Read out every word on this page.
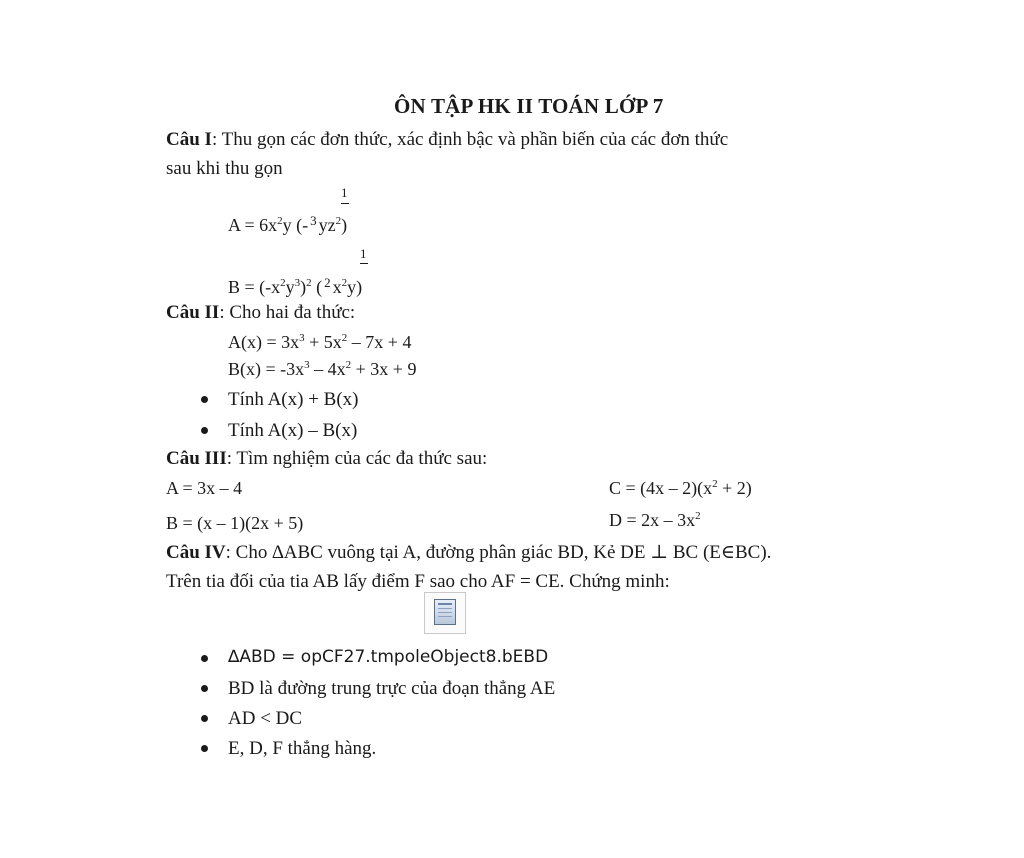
ÔN TẬP HK II TOÁN LỚP 7
Câu I: Thu gọn các đơn thức, xác định bậc và phần biến của các đơn thức
sau khi thu gọn
1
$A = 6x^2y$ (- $^3$ $yz^2$)
1
$B = (-x^2y^3)^2$ ( $^2$ $x^2y$)
Câu II: Cho hai đa thức:
$A(x) = 3x^3 + 5x^2 - 7x + 4$
$B(x) = -3x^3 - 4x^2 + 3x + 9$
Tính A(x) + B(x)
Tính A(x) – B(x)
Câu III: Tìm nghiệm của các đa thức sau:
A = 3x – 4	$C = (4x - 2)(x^2 + 2)$
B = (x – 1)(2x + 5)	$D = 2x - 3x^2$
Câu IV: Cho ∆ABC vuông tại A, đường phân giác BD, Kẻ DE ⊥ BC (E∈BC).
Trên tia đối của tia AB lấy điểm F sao cho AF = CE. Chứng minh:
∆ABD = opCF27.tmpoleObject8.bEBD
BD là đường trung trực của đoạn thẳng AE
AD < DC
E, D, F thẳng hàng.
